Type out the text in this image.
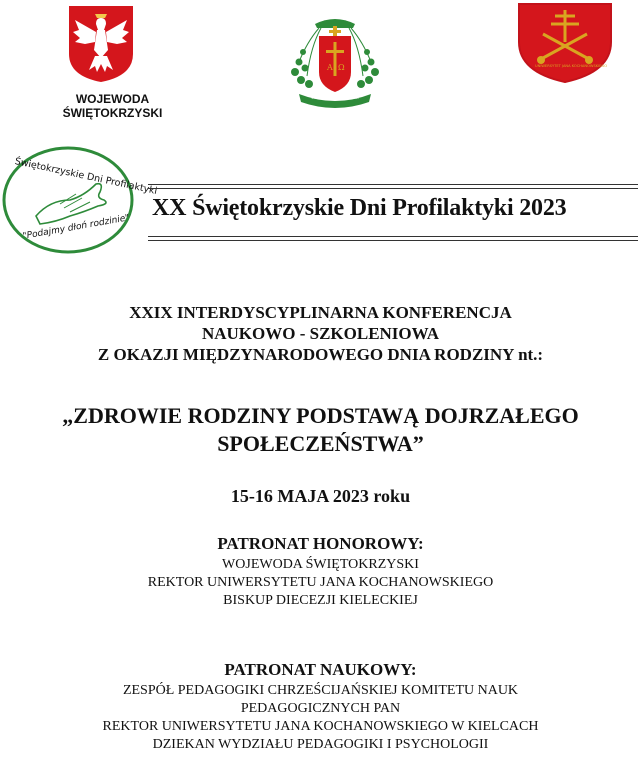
WOJEWODA
ŚWIĘTOKRZYSKI
A Ω
ECCLESIA CUNCTA FAMILIA
UNIWERSYTET JANA KOCHANOWSKIEGO
Świętokrzyskie Dni Profilaktyki
"Podajmy dłoń rodzinie"
XX Świętokrzyskie Dni Profilaktyki 2023
XXIX INTERDYSCYPLINARNA KONFERENCJA
NAUKOWO - SZKOLENIOWA
Z OKAZJI MIĘDZYNARODOWEGO DNIA RODZINY nt.:
„ZDROWIE RODZINY PODSTAWĄ DOJRZAŁEGO
SPOŁECZEŃSTWA”
15-16 MAJA 2023 roku
PATRONAT HONOROWY:
WOJEWODA ŚWIĘTOKRZYSKI
REKTOR UNIWERSYTETU JANA KOCHANOWSKIEGO
BISKUP DIECEZJI KIELECKIEJ
PATRONAT NAUKOWY:
ZESPÓŁ PEDAGOGIKI CHRZEŚCIJAŃSKIEJ KOMITETU NAUK
PEDAGOGICZNYCH PAN
REKTOR UNIWERSYTETU JANA KOCHANOWSKIEGO W KIELCACH
DZIEKAN WYDZIAŁU PEDAGOGIKI I PSYCHOLOGII
